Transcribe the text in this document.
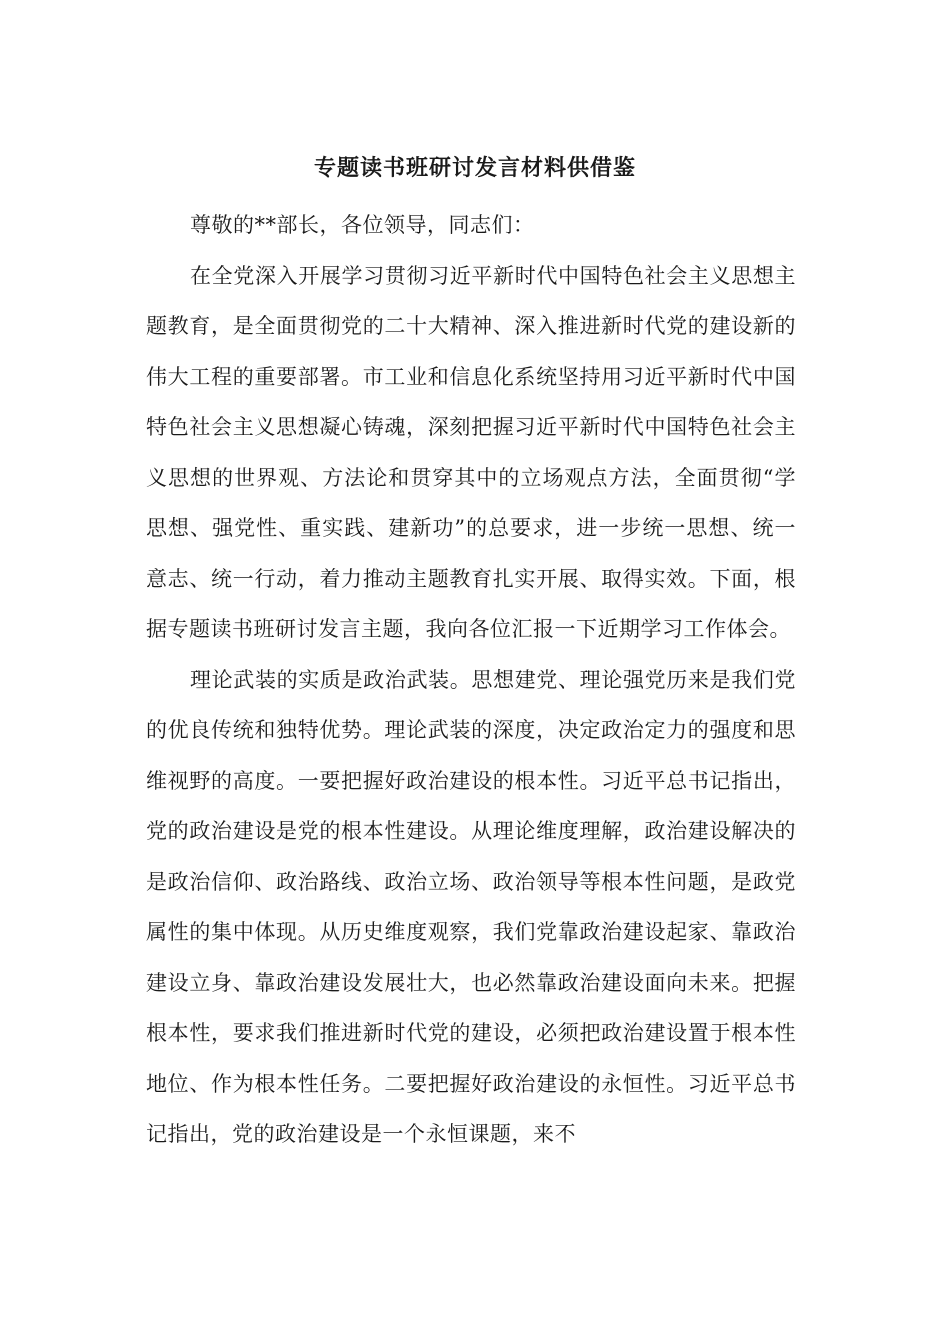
专题读书班研讨发言材料供借鉴

尊敬的**部长，各位领导，同志们：

在全党深入开展学习贯彻习近平新时代中国特色社会主义思想主题教育，是全面贯彻党的二十大精神、深入推进新时代党的建设新的伟大工程的重要部署。市工业和信息化系统坚持用习近平新时代中国特色社会主义思想凝心铸魂，深刻把握习近平新时代中国特色社会主义思想的世界观、方法论和贯穿其中的立场观点方法，全面贯彻“学思想、强党性、重实践、建新功”的总要求，进一步统一思想、统一意志、统一行动，着力推动主题教育扎实开展、取得实效。下面，根据专题读书班研讨发言主题，我向各位汇报一下近期学习工作体会。

理论武装的实质是政治武装。思想建党、理论强党历来是我们党的优良传统和独特优势。理论武装的深度，决定政治定力的强度和思维视野的高度。一要把握好政治建设的根本性。习近平总书记指出，党的政治建设是党的根本性建设。从理论维度理解，政治建设解决的是政治信仰、政治路线、政治立场、政治领导等根本性问题，是政党属性的集中体现。从历史维度观察，我们党靠政治建设起家、靠政治建设立身、靠政治建设发展壮大，也必然靠政治建设面向未来。把握根本性，要求我们推进新时代党的建设，必须把政治建设置于根本性地位、作为根本性任务。二要把握好政治建设的永恒性。习近平总书记指出，党的政治建设是一个永恒课题，来不
